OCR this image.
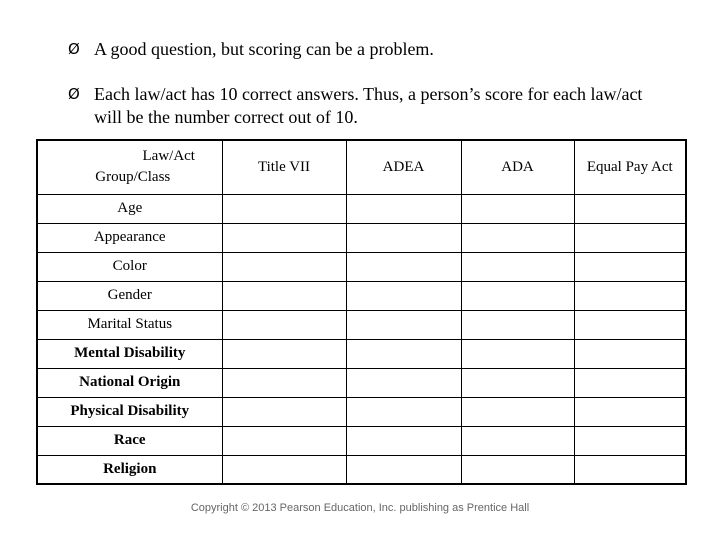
Ø A good question, but scoring can be a problem.
Ø Each law/act has 10 correct answers. Thus, a person’s score for each law/act will be the number correct out of 10.
Law/Act
Group/Class	Title VII	ADEA	ADA	Equal Pay Act
Age				
Appearance				
Color				
Gender				
Marital Status				
Mental Disability				
National Origin				
Physical Disability				
Race				
Religion				
Copyright © 2013 Pearson Education, Inc. publishing as Prentice Hall
